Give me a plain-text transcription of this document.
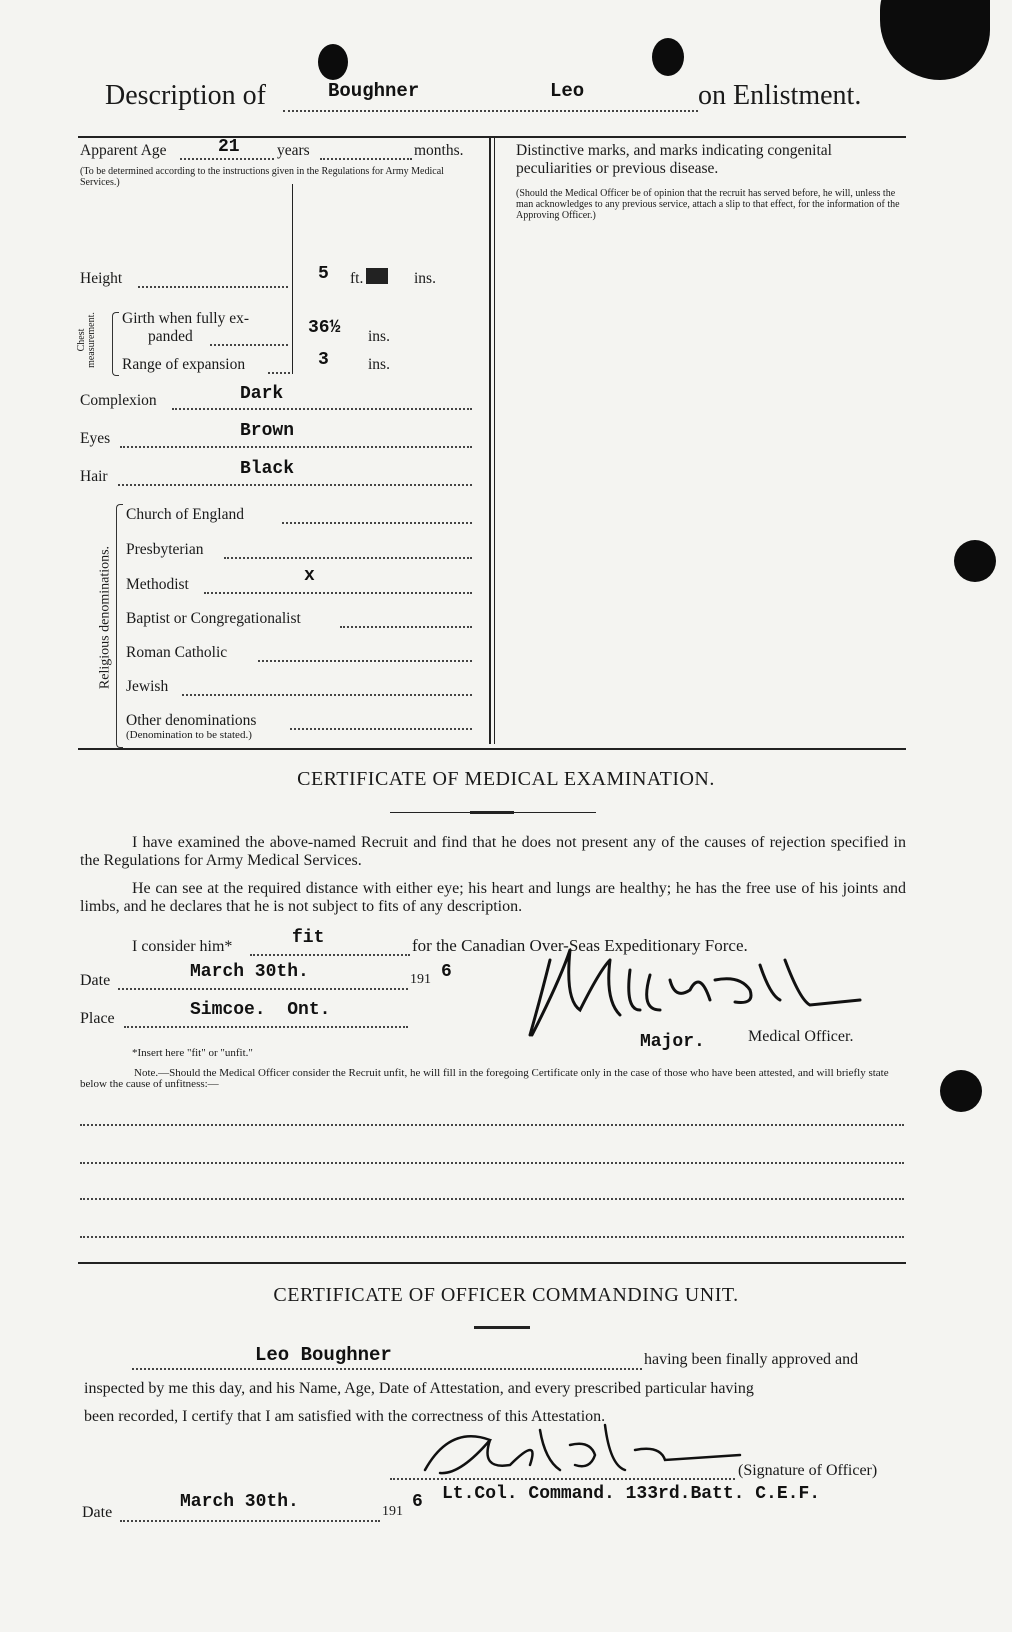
Description of	Boughner	Leo	on Enlistment.
Apparent Age	21 years	months.
(To be determined according to the instructions given in the Regulations for Army Medical Services.)
Height	5 ft.	ins.
Chest measurement. Girth when fully ex-
panded	36½ ins.
Range of expansion	3	ins.
Complexion	Dark
Eyes	Brown
Hair	Black
Religious denominations.
Church of England
Presbyterian
Methodist	x
Baptist or Congregationalist
Roman Catholic
Jewish
Other denominations
(Denomination to be stated.)
Distinctive marks, and marks indicating congenital peculiarities or previous disease.
(Should the Medical Officer be of opinion that the recruit has served before, he will, unless the man acknowledges to any previous service, attach a slip to that effect, for the information of the Approving Officer.)
CERTIFICATE OF MEDICAL EXAMINATION.
I have examined the above-named Recruit and find that he does not present any of the causes of rejection specified in the Regulations for Army Medical Services.
He can see at the required distance with either eye; his heart and lungs are healthy; he has the free use of his joints and limbs, and he declares that he is not subject to fits of any description.
I consider him*	fit	for the Canadian Over-Seas Expeditionary Force.
Date	March 30th.	191 6
Place	Simcoe.  Ont.
Major.	Medical Officer.
*Insert here "fit" or "unfit."
Note.—Should the Medical Officer consider the Recruit unfit, he will fill in the foregoing Certificate only in the case of those who have been attested, and will briefly state below the cause of unfitness:—
CERTIFICATE OF OFFICER COMMANDING UNIT.
Leo Boughner	having been finally approved and
inspected by me this day, and his Name, Age, Date of Attestation, and every prescribed particular having
been recorded, I certify that I am satisfied with the correctness of this Attestation.
(Signature of Officer)
Date
March 30th.	191 6 Lt.Col. Command. 133rd.Batt. C.E.F.
